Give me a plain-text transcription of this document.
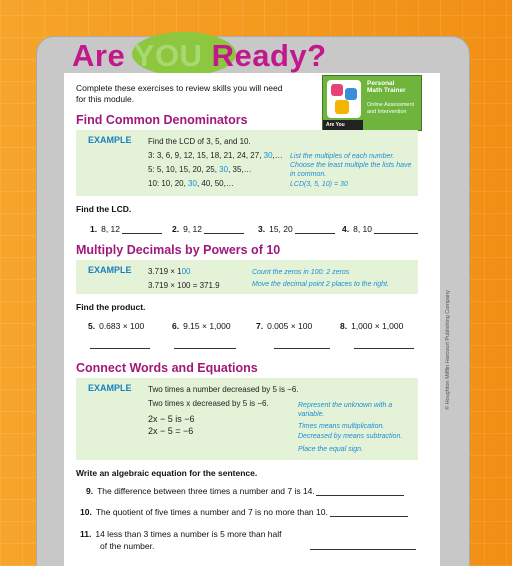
Are YOU Ready?
Complete these exercises to review skills you will need for this module.
Personal
Math Trainer
Online Assessment and Intervention
Are You
Find Common Denominators
EXAMPLE Find the LCD of 3, 5, and 10.
3: 3, 6, 9, 12, 15, 18, 21, 24, 27, 30,…
5: 5, 10, 15, 20, 25, 30, 35,…
10: 10, 20, 30, 40, 50,…
List the multiples of each number.
Choose the least multiple the lists have in common.
LCD(3, 5, 10) = 30
Find the LCD.
1. 8, 12	2. 9, 12	3. 15, 20	4. 8, 10
Multiply Decimals by Powers of 10
EXAMPLE 3.719 × 100
3.719 × 100 = 371.9
Count the zeros in 100: 2 zeros
Move the decimal point 2 places to the right.
Find the product.
5. 0.683 × 100	6. 9.15 × 1,000	7. 0.005 × 100	8. 1,000 × 1,000
Connect Words and Equations
EXAMPLE Two times a number decreased by 5 is −6.
Two times x decreased by 5 is −6.
2x − 5 is −6
2x − 5 = −6
Represent the unknown with a variable.
Times means multiplication.
Decreased by means subtraction.
Place the equal sign.
Write an algebraic equation for the sentence.
9. The difference between three times a number and 7 is 14.
10. The quotient of five times a number and 7 is no more than 10.
11. 14 less than 3 times a number is 5 more than half
of the number.
© Houghton Mifflin Harcourt Publishing Company
